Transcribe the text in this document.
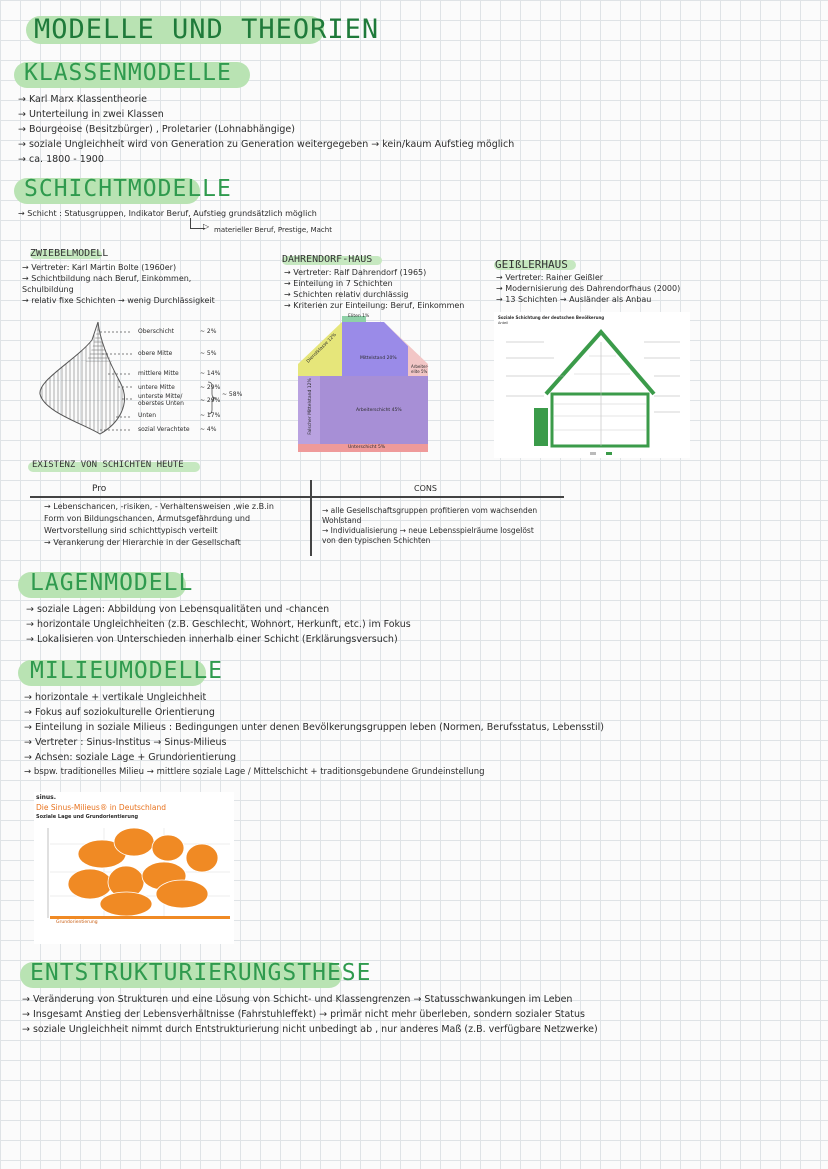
MODELLE UND THEORIEN
KLASSENMODELLE
→ Karl Marx Klassentheorie
→ Unterteilung in zwei Klassen
→ Bourgeoise (Besitzbürger) , Proletarier (Lohnabhängige)
→ soziale Ungleichheit wird von Generation zu Generation weitergegeben → kein/kaum Aufstieg möglich
→ ca. 1800 - 1900
SCHICHTMODELLE
→ Schicht : Statusgruppen, Indikator Beruf, Aufstieg grundsätzlich möglich
▷ materieller Beruf, Prestige, Macht
ZWIEBELMODELL
→ Vertreter: Karl Martin Bolte (1960er)
→ Schichtbildung nach Beruf, Einkommen,
Schulbildung
→ relativ fixe Schichten → wenig Durchlässigkeit
Oberschicht	~ 2%
obere Mitte	~ 5%
mittlere Mitte	~ 14%
untere Mitte	~ 29%
unterste Mitte/ oberstes Unten	~ 29%
Unten	~ 17%
sozial Verachtete ~ 4%
~ 58%
DAHRENDORF-HAUS
→ Vertreter: Ralf Dahrendorf (1965)
→ Einteilung in 7 Schichten
→ Schichten relativ durchlässig
→ Kriterien zur Einteilung: Beruf, Einkommen
Eliten 1%
Dienstklasse 12%	Mittelstand 20%
Arbeiterschicht 45%
Falscher Mittelstand 12%
Arbeiter-elite 5%
Unterschicht 5%
GEIßLERHAUS
→ Vertreter: Rainer Geißler
→ Modernisierung des Dahrendorfhaus (2000)
→ 13 Schichten → Ausländer als Anbau
Soziale Schichtung der deutschen Bevölkerung
Anteil
EXISTENZ VON SCHICHTEN HEUTE
Pro	CONS
→ Lebenschancen, -risiken, - Verhaltensweisen ,wie z.B.in
Form von Bildungschancen, Armutsgefährdung und
Wertvorstellung sind schichttypisch verteilt
→ Verankerung der Hierarchie in der Gesellschaft
→ alle Gesellschaftsgruppen profitieren vom wachsenden
Wohlstand
→ Individualisierung → neue Lebensspielräume losgelöst
von den typischen Schichten
LAGENMODELL
→ soziale Lagen: Abbildung von Lebensqualitäten und -chancen
→ horizontale Ungleichheiten (z.B. Geschlecht, Wohnort, Herkunft, etc.) im Fokus
→ Lokalisieren von Unterschieden innerhalb einer Schicht (Erklärungsversuch)
MILIEUMODELLE
→ horizontale + vertikale Ungleichheit
→ Fokus auf soziokulturelle Orientierung
→ Einteilung in soziale Milieus : Bedingungen unter denen Bevölkerungsgruppen leben (Normen, Berufsstatus, Lebensstil)
→ Vertreter : Sinus-Institus → Sinus-Milieus
→ Achsen: soziale Lage + Grundorientierung
→ bspw. traditionelles Milieu → mittlere soziale Lage / Mittelschicht + traditionsgebundene Grundeinstellung
sinus.
Die Sinus-Milieus® in Deutschland
Soziale Lage und Grundorientierung
Grundorientierung
ENTSTRUKTURIERUNGSTHESE
→ Veränderung von Strukturen und eine Lösung von Schicht- und Klassengrenzen → Statusschwankungen im Leben
→ Insgesamt Anstieg der Lebensverhältnisse (Fahrstuhleffekt) → primär nicht mehr überleben, sondern sozialer Status
→ soziale Ungleichheit nimmt durch Entstrukturierung nicht unbedingt ab , nur anderes Maß (z.B. verfügbare Netzwerke)
